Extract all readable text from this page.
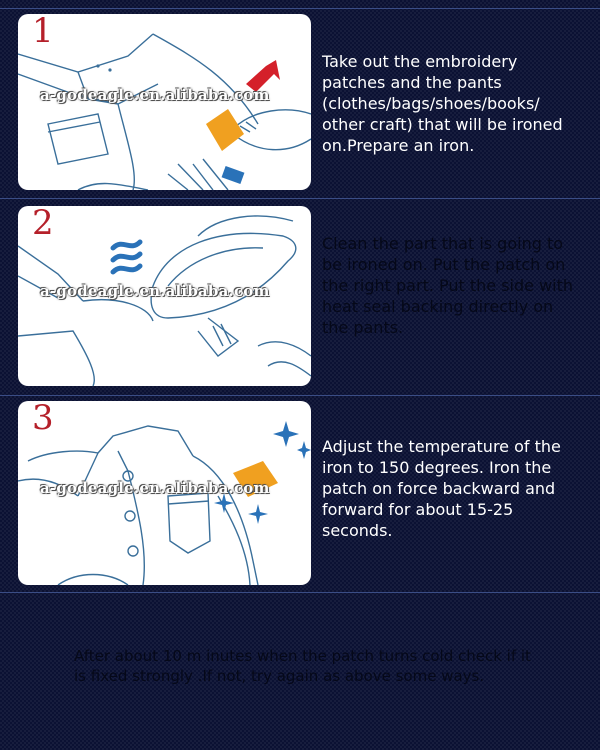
1
a-godeagle.en.alibaba.com
Take out the embroidery patches and the pants (clothes/bags/shoes/books/ other craft) that will be ironed on.Prepare an iron.
2
a-godeagle.en.alibaba.com
Clean the part that is going to be ironed on. Put the patch on the right part. Put the side with heat seal backing directly on the pants.
3
a-godeagle.en.alibaba.com
Adjust the temperature of the iron to 150 degrees. Iron the patch on force backward and forward for about 15-25 seconds.
After about 10 m inutes when the patch turns cold check if it is fixed strongly .If not, try again as above some ways.
